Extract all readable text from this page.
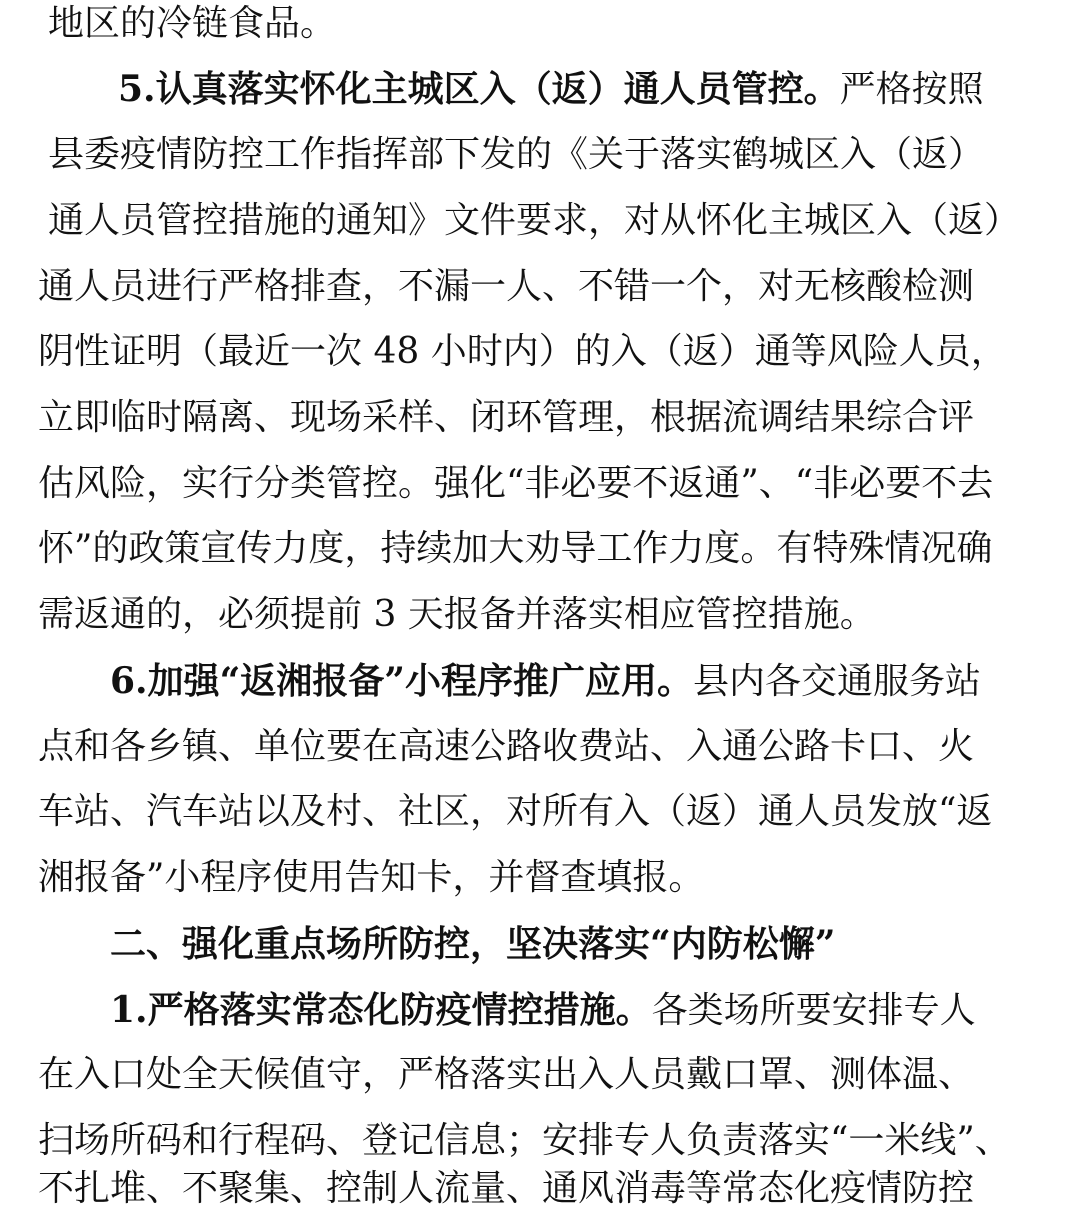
地区的冷链食品。
5.认真落实怀化主城区入（返）通人员管控。严格按照
县委疫情防控工作指挥部下发的《关于落实鹤城区入（返）
通人员管控措施的通知》文件要求，对从怀化主城区入（返）
通人员进行严格排查，不漏一人、不错一个，对无核酸检测
阴性证明（最近一次 48 小时内）的入（返）通等风险人员，
立即临时隔离、现场采样、闭环管理，根据流调结果综合评
估风险，实行分类管控。强化“非必要不返通”、“非必要不去
怀”的政策宣传力度，持续加大劝导工作力度。有特殊情况确
需返通的，必须提前 3 天报备并落实相应管控措施。
6.加强“返湘报备”小程序推广应用。县内各交通服务站
点和各乡镇、单位要在高速公路收费站、入通公路卡口、火
车站、汽车站以及村、社区，对所有入（返）通人员发放“返
湘报备”小程序使用告知卡，并督查填报。
二、强化重点场所防控，坚决落实“内防松懈”
1.严格落实常态化防疫情控措施。各类场所要安排专人
在入口处全天候值守，严格落实出入人员戴口罩、测体温、
扫场所码和行程码、登记信息；安排专人负责落实“一米线”、
不扎堆、不聚集、控制人流量、通风消毒等常态化疫情防控
